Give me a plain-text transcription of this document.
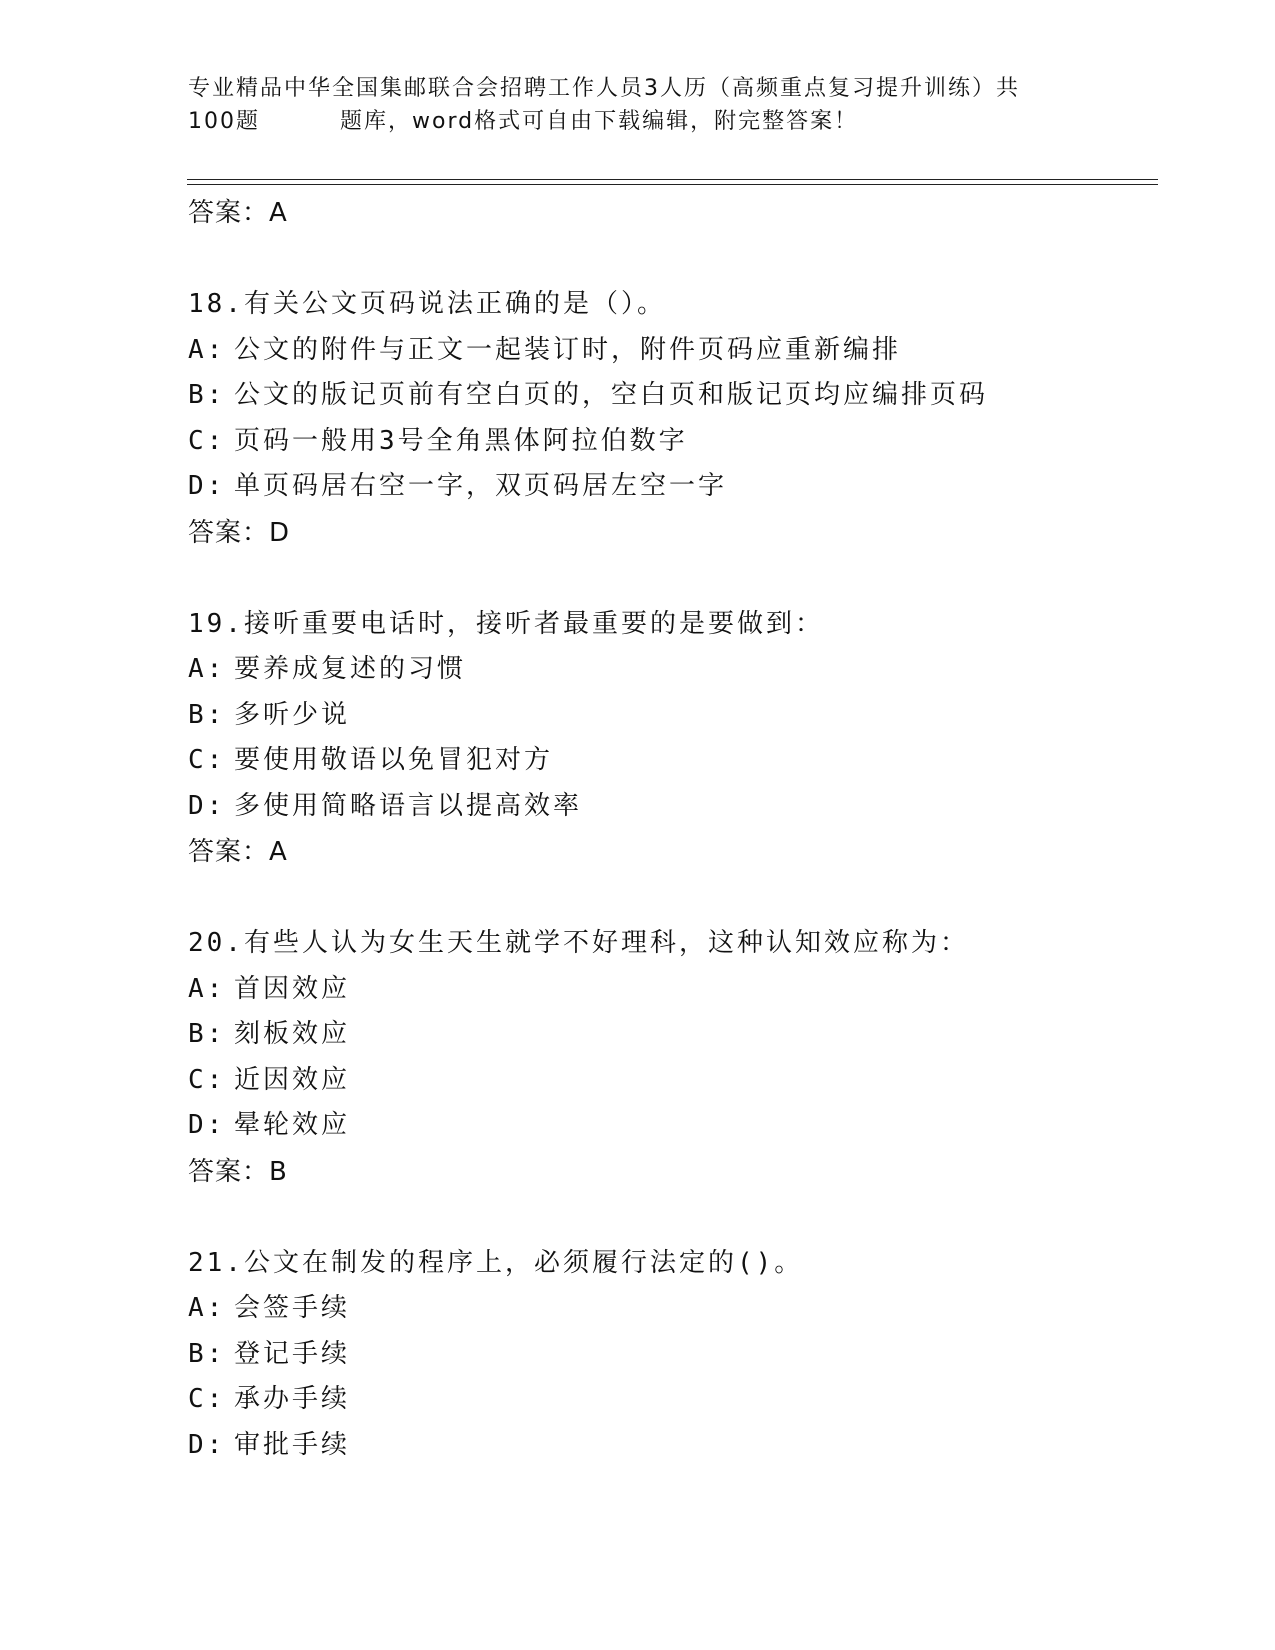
专业精品中华全国集邮联合会招聘工作人员3人历（高频重点复习提升训练）共
100题	题库，word格式可自由下载编辑，附完整答案！
答案：A
18.有关公文页码说法正确的是（）。
A: 公文的附件与正文一起装订时，附件页码应重新编排
B: 公文的版记页前有空白页的，空白页和版记页均应编排页码
C: 页码一般用3号全角黑体阿拉伯数字
D: 单页码居右空一字，双页码居左空一字
答案：D
19.接听重要电话时，接听者最重要的是要做到：
A: 要养成复述的习惯
B: 多听少说
C: 要使用敬语以免冒犯对方
D: 多使用简略语言以提高效率
答案：A
20.有些人认为女生天生就学不好理科，这种认知效应称为：
A: 首因效应
B: 刻板效应
C: 近因效应
D: 晕轮效应
答案：B
21.公文在制发的程序上，必须履行法定的()。
A: 会签手续
B: 登记手续
C: 承办手续
D: 审批手续
